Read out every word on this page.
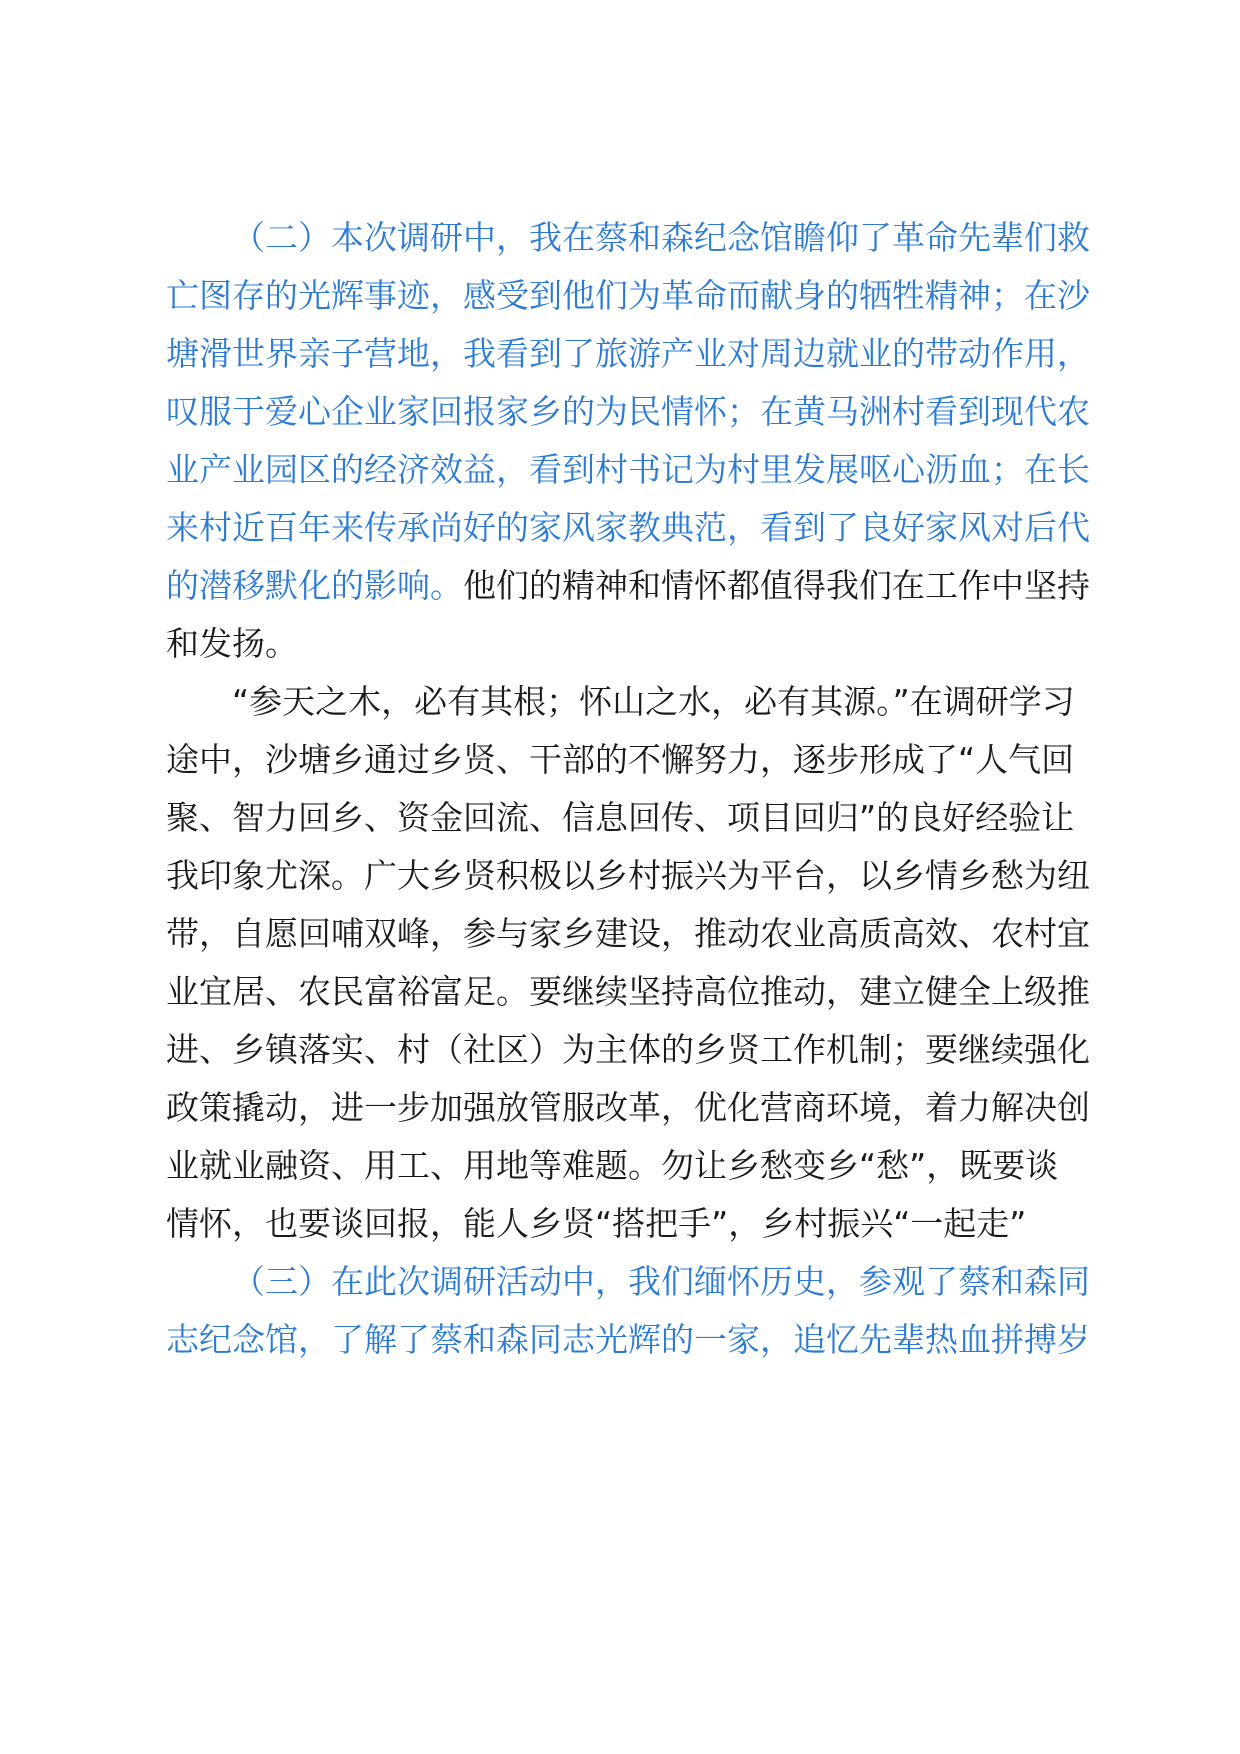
（二）本次调研中，我在蔡和森纪念馆瞻仰了革命先辈们救
亡图存的光辉事迹，感受到他们为革命而献身的牺牲精神；在沙
塘滑世界亲子营地，我看到了旅游产业对周边就业的带动作用，
叹服于爱心企业家回报家乡的为民情怀；在黄马洲村看到现代农
业产业园区的经济效益，看到村书记为村里发展呕心沥血；在长
来村近百年来传承尚好的家风家教典范，看到了良好家风对后代
的潜移默化的影响。他们的精神和情怀都值得我们在工作中坚持
和发扬。
“参天之木，必有其根；怀山之水，必有其源。”在调研学习
途中，沙塘乡通过乡贤、干部的不懈努力，逐步形成了“人气回
聚、智力回乡、资金回流、信息回传、项目回归”的良好经验让
我印象尤深。广大乡贤积极以乡村振兴为平台，以乡情乡愁为纽
带，自愿回哺双峰，参与家乡建设，推动农业高质高效、农村宜
业宜居、农民富裕富足。要继续坚持高位推动，建立健全上级推
进、乡镇落实、村（社区）为主体的乡贤工作机制；要继续强化
政策撬动，进一步加强放管服改革，优化营商环境，着力解决创
业就业融资、用工、用地等难题。勿让乡愁变乡“愁”，既要谈
情怀，也要谈回报，能人乡贤“搭把手”，乡村振兴“一起走”
（三）在此次调研活动中，我们缅怀历史，参观了蔡和森同
志纪念馆，了解了蔡和森同志光辉的一家，追忆先辈热血拼搏岁
